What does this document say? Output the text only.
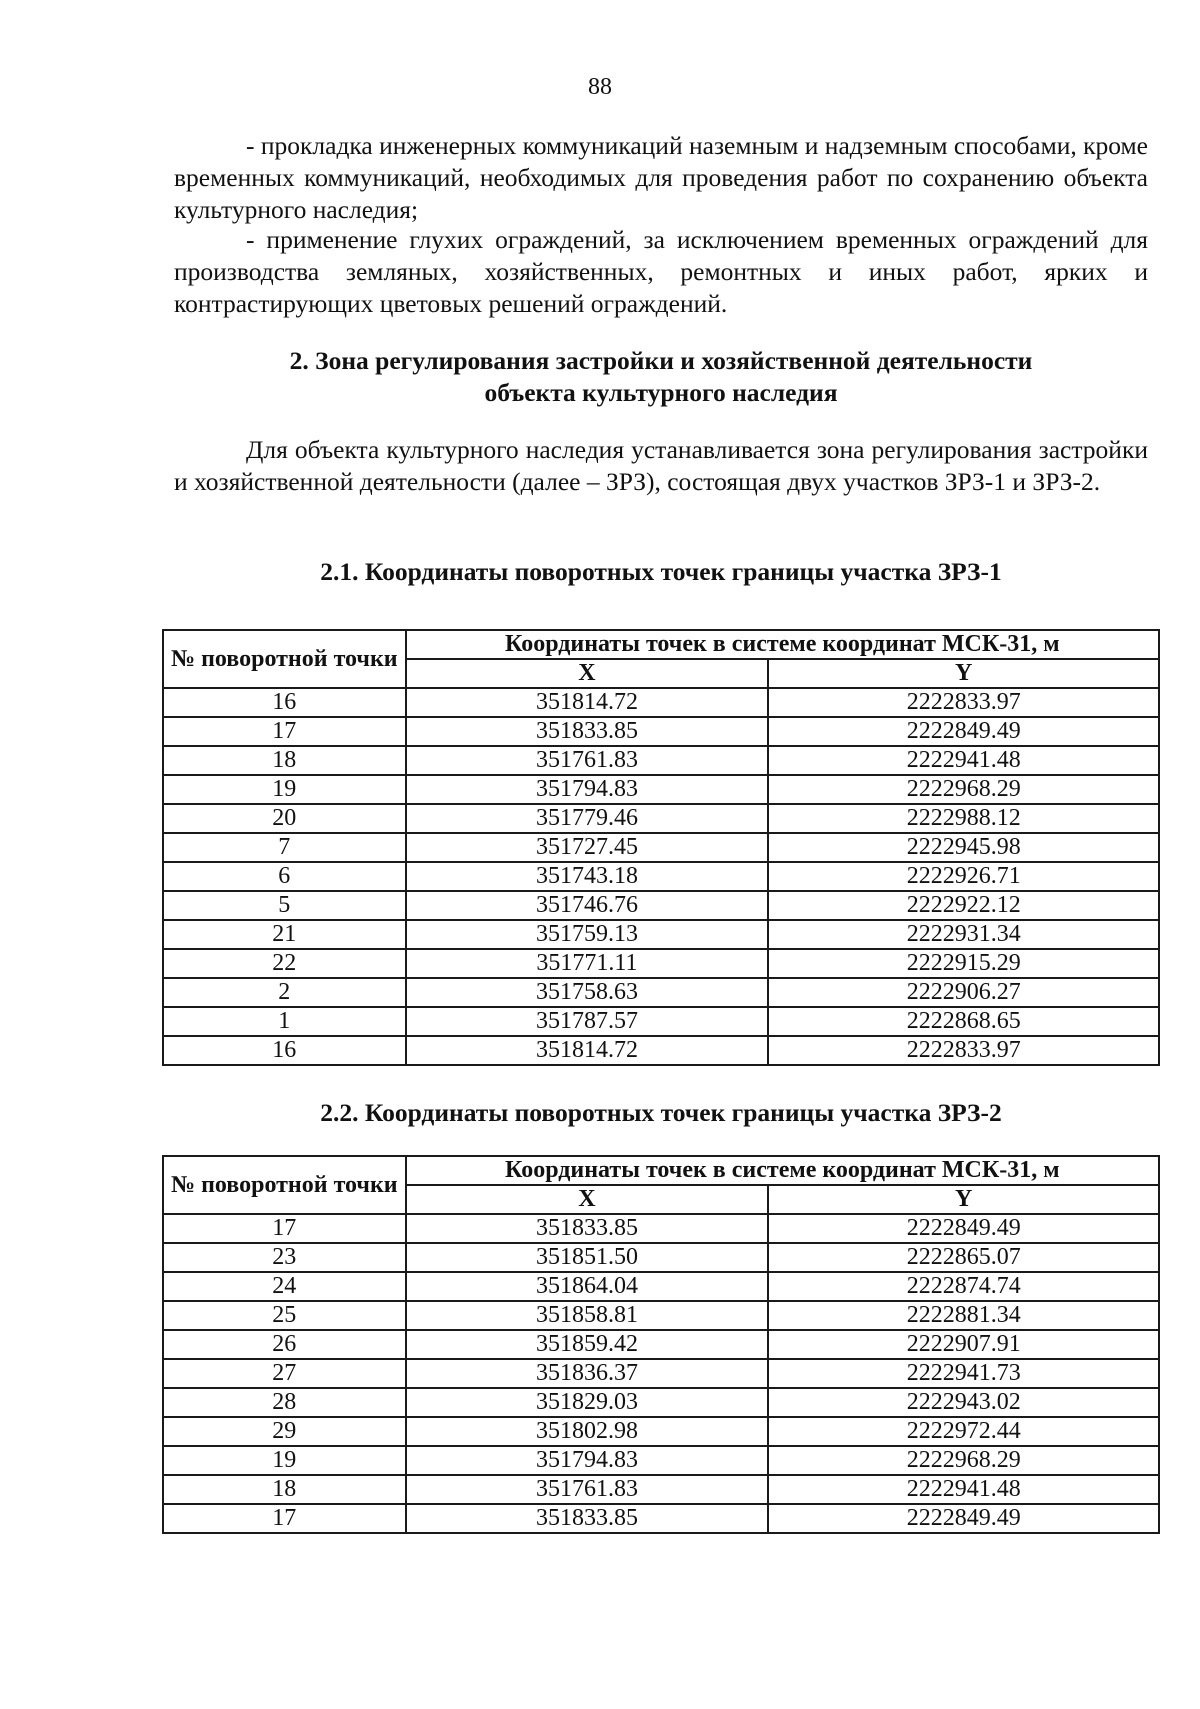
88

- прокладка инженерных коммуникаций наземным и надземным способами, кроме временных коммуникаций, необходимых для проведения работ по сохранению объекта культурного наследия;

- применение глухих ограждений, за исключением временных ограждений для производства земляных, хозяйственных, ремонтных и иных работ, ярких и контрастирующих цветовых решений ограждений.

2. Зона регулирования застройки и хозяйственной деятельности
объекта культурного наследия

Для объекта культурного наследия устанавливается зона регулирования застройки и хозяйственной деятельности (далее – ЗРЗ), состоящая двух участков ЗРЗ-1 и ЗРЗ-2.

2.1. Координаты поворотных точек границы участка ЗРЗ-1
№ поворотной точки	Координаты точек в системе координат МСК-31, м	
	X	Y
16	351814.72	2222833.97
17	351833.85	2222849.49
18	351761.83	2222941.48
19	351794.83	2222968.29
20	351779.46	2222988.12
7	351727.45	2222945.98
6	351743.18	2222926.71
5	351746.76	2222922.12
21	351759.13	2222931.34
22	351771.11	2222915.29
2	351758.63	2222906.27
1	351787.57	2222868.65
16	351814.72	2222833.97
2.2. Координаты поворотных точек границы участка ЗРЗ-2
№ поворотной точки	Координаты точек в системе координат МСК-31, м	
	X	Y
17	351833.85	2222849.49
23	351851.50	2222865.07
24	351864.04	2222874.74
25	351858.81	2222881.34
26	351859.42	2222907.91
27	351836.37	2222941.73
28	351829.03	2222943.02
29	351802.98	2222972.44
19	351794.83	2222968.29
18	351761.83	2222941.48
17	351833.85	2222849.49
